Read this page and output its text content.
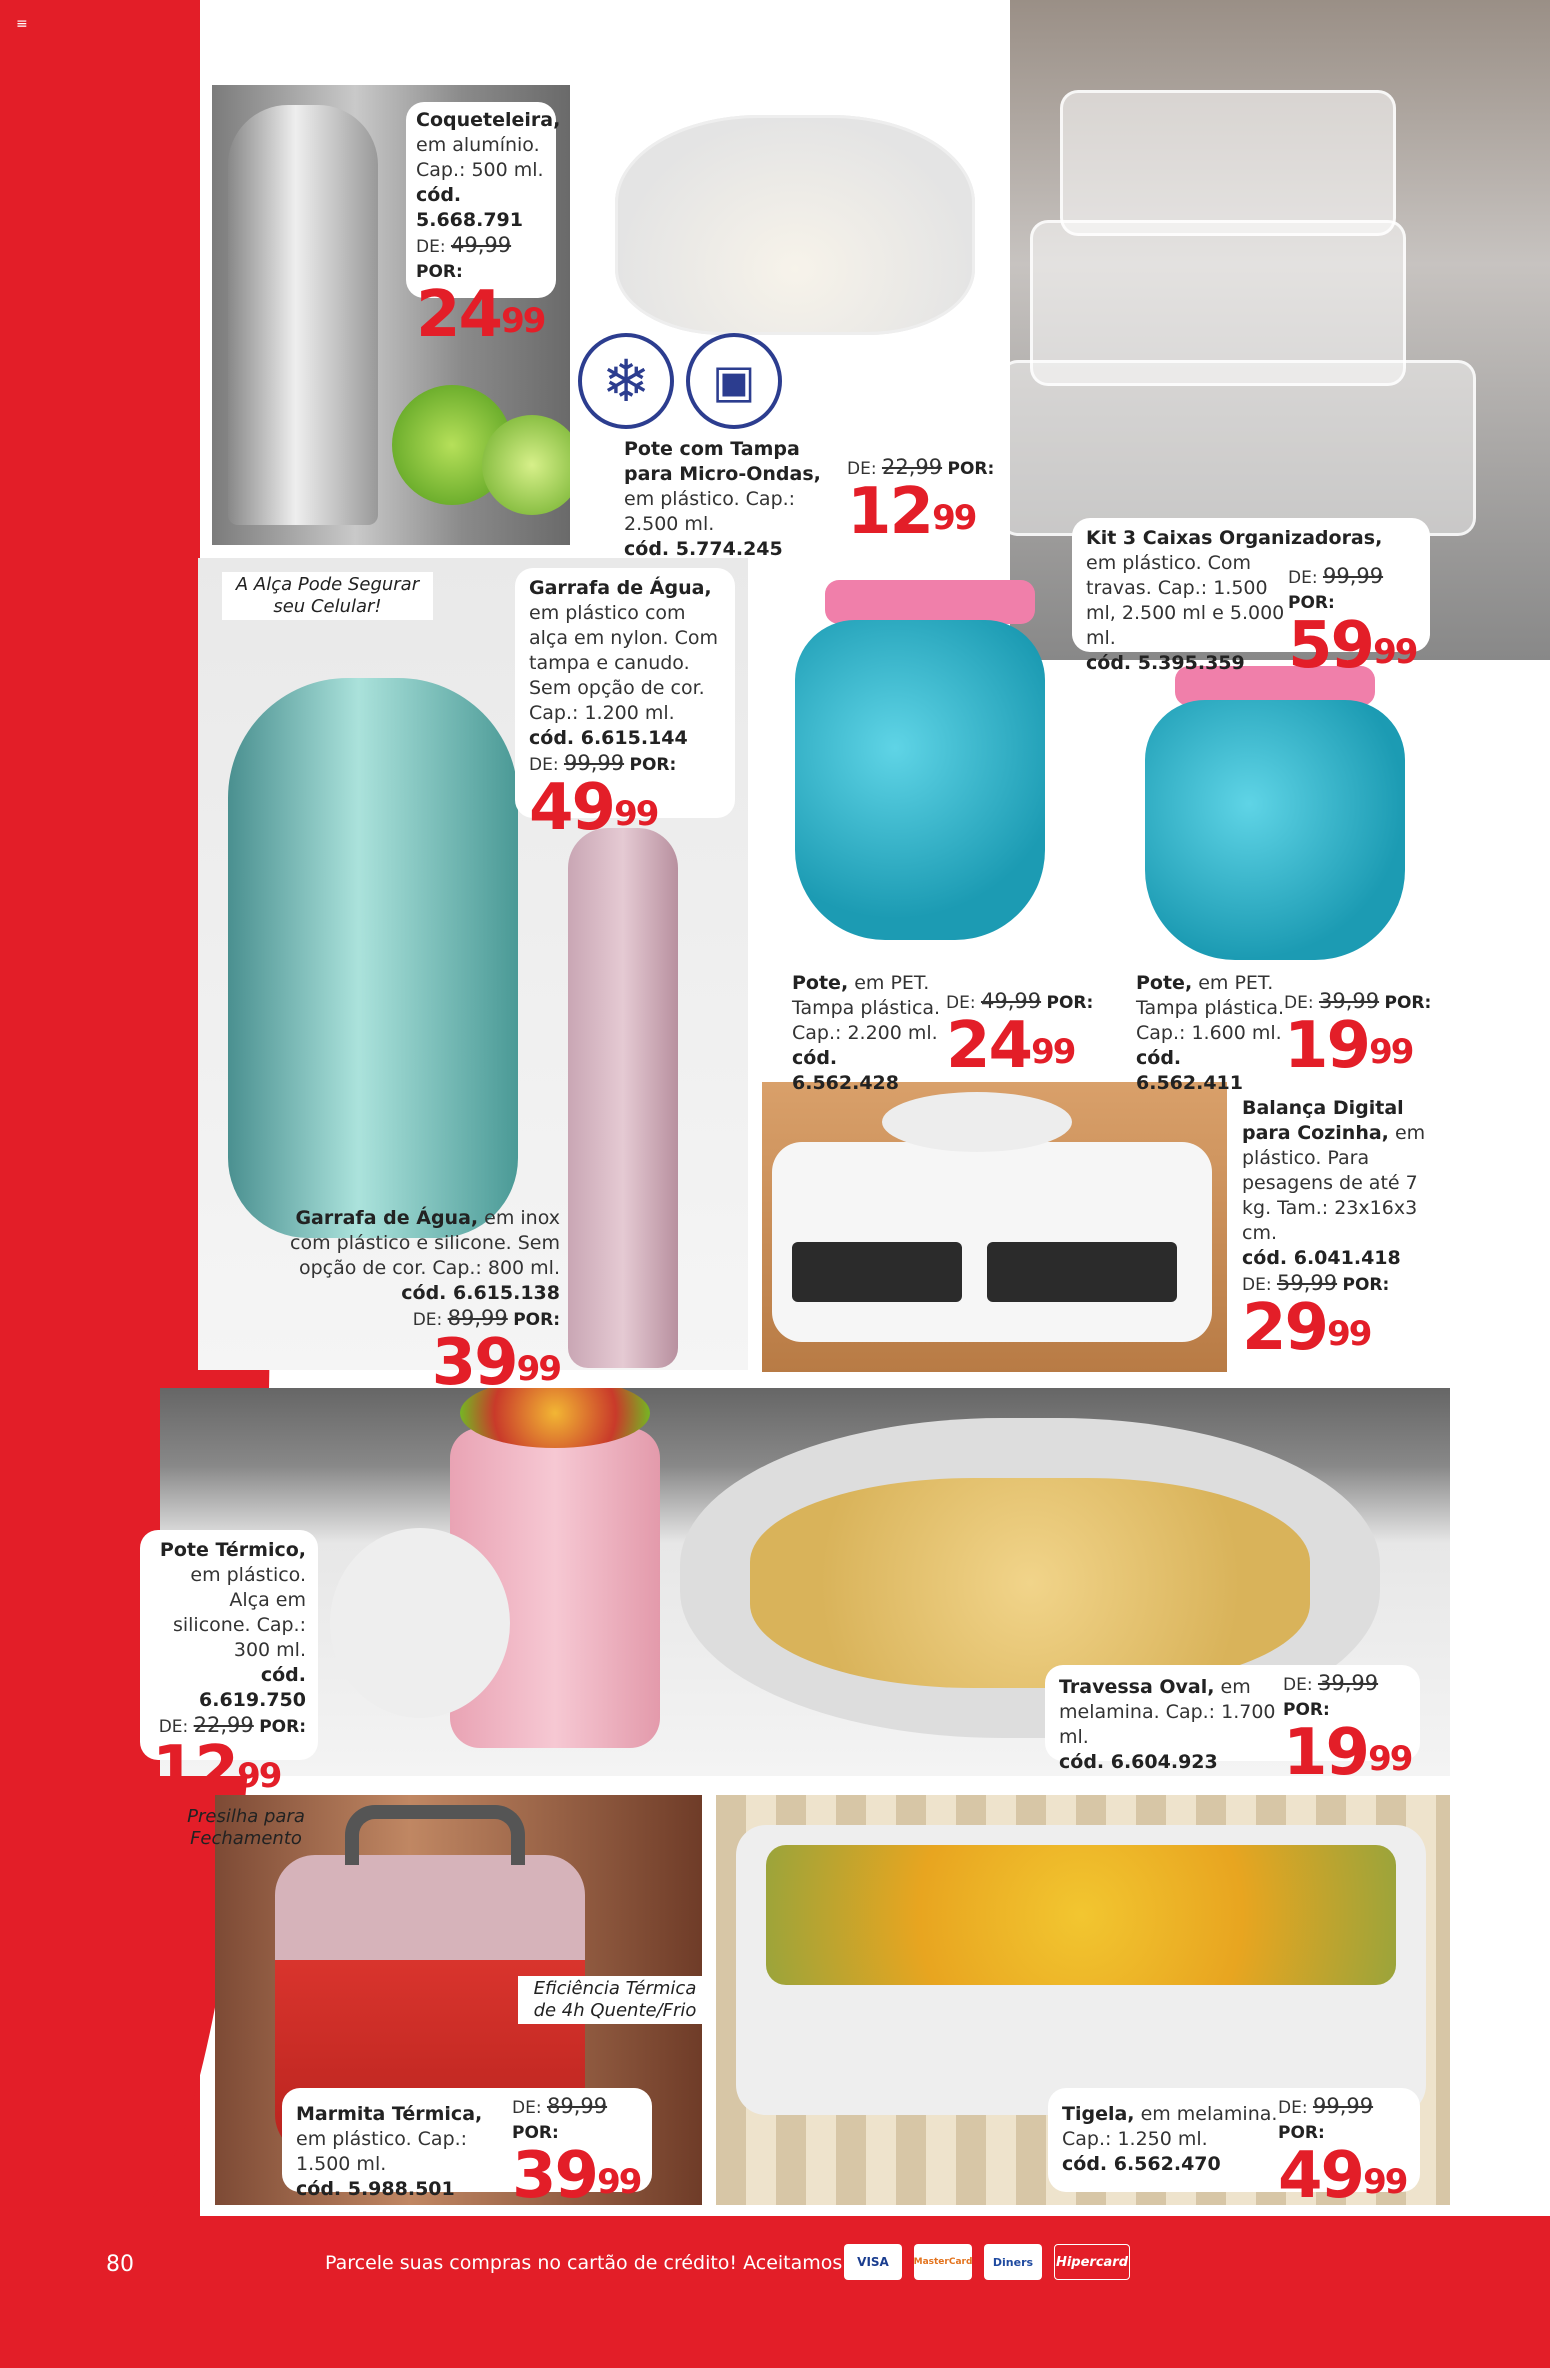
≡
❄	▣
A Alça Pode Segurar seu Celular!
Presilha para Fechamento
Eficiência Térmica de 4h Quente/Frio
Coqueteleira, em alumínio. Cap.: 500 ml.
cód. 5.668.791
DE: 49,99 POR:
$24^{99}$
Pote com Tampa para Micro-Ondas, em plástico. Cap.: 2.500 ml.
cód. 5.774.245
DE: 22,99 POR:
$12^{99}$	Kit 3 Caixas Organizadoras,
em plástico. Com travas. Cap.: 1.500 ml, 2.500 ml e 5.000 ml.
cód. 5.395.359
DE: 99,99 POR:
$59^{99}$
Garrafa de Água, em plástico com alça em nylon. Com tampa e canudo. Sem opção de cor. Cap.: 1.200 ml.
cód. 6.615.144
DE: 99,99 POR:
$49^{99}$
Pote, em PET. Tampa plástica. Cap.: 2.200 ml.
cód. 6.562.428
DE: 49,99 POR:
$24^{99}$
Pote, em PET. Tampa plástica. Cap.: 1.600 ml.
cód. 6.562.411
DE: 39,99 POR:
$19^{99}$
Garrafa de Água, em inox com plástico e silicone. Sem opção de cor. Cap.: 800 ml.
cód. 6.615.138
DE: 89,99 POR:
$39^{99}$
Balança Digital para Cozinha, em plástico. Para pesagens de até 7 kg. Tam.: 23x16x3 cm.
cód. 6.041.418
DE: 59,99 POR:
$29^{99}$
Pote Térmico, em plástico. Alça em silicone. Cap.: 300 ml.
cód. 6.619.750
DE: 22,99 POR:
$12^{99}$
Travessa Oval, em melamina. Cap.: 1.700 ml.
cód. 6.604.923
DE: 39,99 POR:
$19^{99}$
Marmita Térmica, em plástico. Cap.: 1.500 ml.
cód. 5.988.501
DE: 89,99 POR:
$39^{99}$
Tigela, em melamina. Cap.: 1.250 ml.
cód. 6.562.470
DE: 99,99 POR:
$49^{99}$
80	Parcele suas compras no cartão de crédito! Aceitamos	VISA	MasterCard	Diners	Hipercard
